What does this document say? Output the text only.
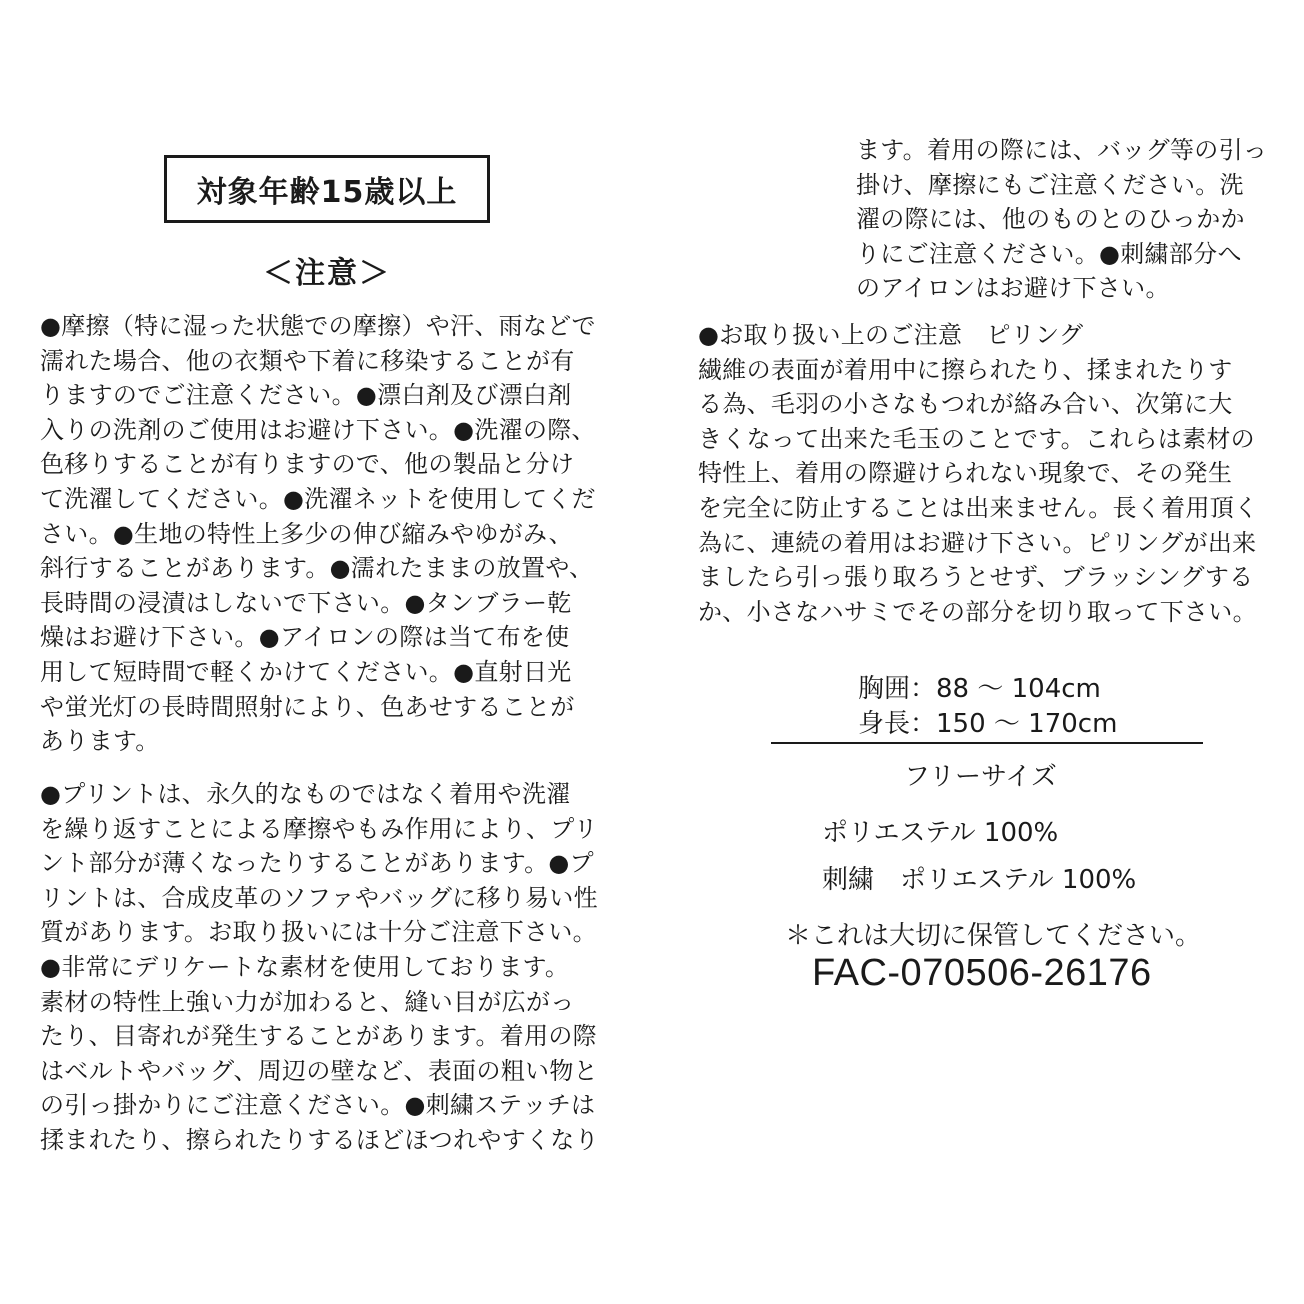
対象年齢15歳以上
＜注意＞
●摩擦（特に湿った状態での摩擦）や汗、雨などで
濡れた場合、他の衣類や下着に移染することが有
りますのでご注意ください。●漂白剤及び漂白剤
入りの洗剤のご使用はお避け下さい。●洗濯の際、
色移りすることが有りますので、他の製品と分け
て洗濯してください。●洗濯ネットを使用してくだ
さい。●生地の特性上多少の伸び縮みやゆがみ、
斜行することがあります。●濡れたままの放置や、
長時間の浸漬はしないで下さい。●タンブラー乾
燥はお避け下さい。●アイロンの際は当て布を使
用して短時間で軽くかけてください。●直射日光
や蛍光灯の長時間照射により、色あせすることが
あります。
●プリントは、永久的なものではなく着用や洗濯
を繰り返すことによる摩擦やもみ作用により、プリ
ント部分が薄くなったりすることがあります。●プ
リントは、合成皮革のソファやバッグに移り易い性
質があります。お取り扱いには十分ご注意下さい。
●非常にデリケートな素材を使用しております。
素材の特性上強い力が加わると、縫い目が広がっ
たり、目寄れが発生することがあります。着用の際
はベルトやバッグ、周辺の壁など、表面の粗い物と
の引っ掛かりにご注意ください。●刺繍ステッチは
揉まれたり、擦られたりするほどほつれやすくなり
ます。着用の際には、バッグ等の引っ
掛け、摩擦にもご注意ください。洗
濯の際には、他のものとのひっかか
りにご注意ください。●刺繍部分へ
のアイロンはお避け下さい。
●お取り扱い上のご注意　ピリング
繊維の表面が着用中に擦られたり、揉まれたりす
る為、毛羽の小さなもつれが絡み合い、次第に大
きくなって出来た毛玉のことです。これらは素材の
特性上、着用の際避けられない現象で、その発生
を完全に防止することは出来ません。長く着用頂く
為に、連続の着用はお避け下さい。ピリングが出来
ましたら引っ張り取ろうとせず、ブラッシングする
か、小さなハサミでその部分を切り取って下さい。
胸囲：88 ～ 104cm
身長：150 ～ 170cm
フリーサイズ
ポリエステル 100%
刺繍　ポリエステル 100%
＊これは大切に保管してください。
FAC-070506-26176
